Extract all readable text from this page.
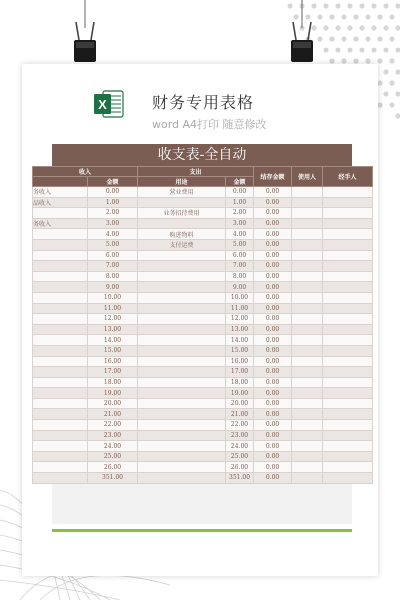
X	财务专用表格
word A4打印 随意修改
收支表-全自动
收入		支出		结存金额	使用人	经手人
	金额	用途	金额			
务收入	0.00	营业费用	0.00	0.00		
品收入	1.00		1.00	0.00		
	2.00	业务招待费用	2.00	0.00		
务收入	3.00		3.00	0.00		
	4.00	购进物料	4.00	0.00		
	5.00	支付运费	5.00	0.00		
	6.00		6.00	0.00		
	7.00		7.00	0.00		
	8.00		8.00	0.00		
	9.00		9.00	0.00		
	10.00		10.00	0.00		
	11.00		11.00	0.00		
	12.00		12.00	0.00		
	13.00		13.00	0.00		
	14.00		14.00	0.00		
	15.00		15.00	0.00		
	16.00		16.00	0.00		
	17.00		17.00	0.00		
	18.00		18.00	0.00		
	19.00		19.00	0.00		
	20.00		20.00	0.00		
	21.00		21.00	0.00		
	22.00		22.00	0.00		
	23.00		23.00	0.00		
	24.00		24.00	0.00		
	25.00		25.00	0.00		
	26.00		26.00	0.00		
	351.00		351.00	0.00		
